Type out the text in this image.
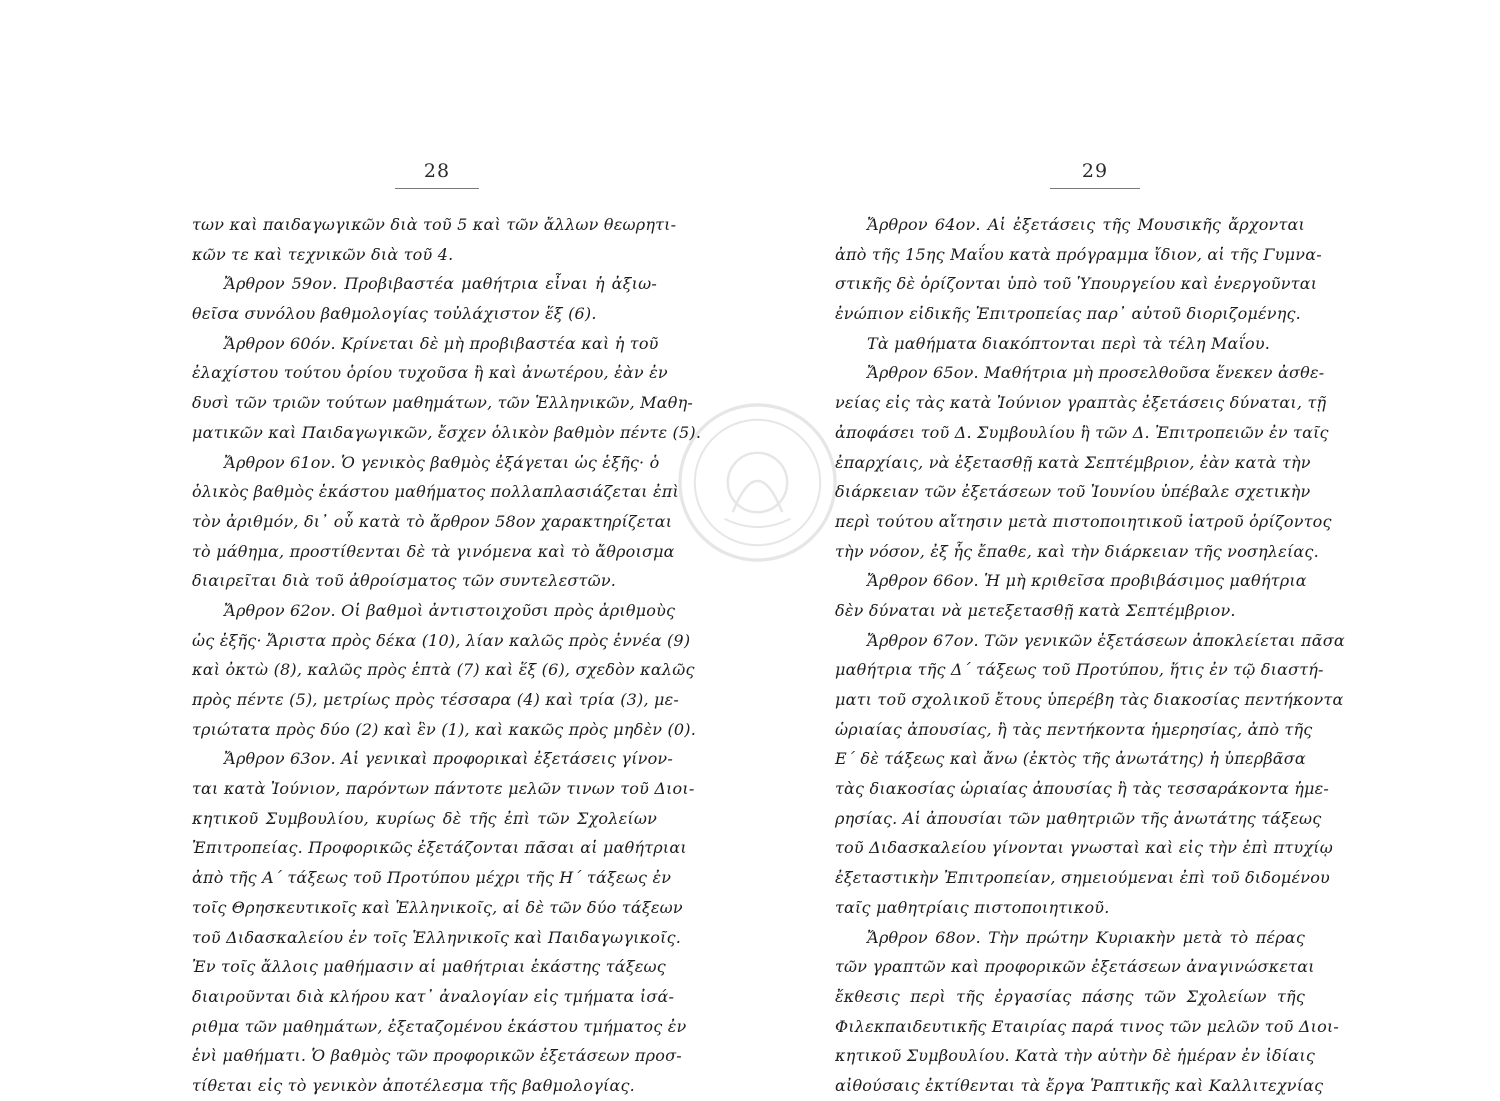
28	29
των καὶ παιδαγωγικῶν διὰ τοῦ 5 καὶ τῶν ἄλλων θεωρητι-
κῶν τε καὶ τεχνικῶν διὰ τοῦ 4.
Ἄρθρον 59ον. Προβιβαστέα μαθήτρια εἶναι ἡ ἀξιω-
θεῖσα συνόλου βαθμολογίας τοὐλάχιστον ἕξ (6).
Ἄρθρον 60όν. Κρίνεται δὲ μὴ προβιβαστέα καὶ ἡ τοῦ
ἐλαχίστου τούτου ὁρίου τυχοῦσα ἢ καὶ ἀνωτέρου, ἐὰν ἐν
δυσὶ τῶν τριῶν τούτων μαθημάτων, τῶν Ἑλληνικῶν, Μαθη-
ματικῶν καὶ Παιδαγωγικῶν, ἔσχεν ὁλικὸν βαθμὸν πέντε (5).
Ἄρθρον 61ον. Ὁ γενικὸς βαθμὸς ἐξάγεται ὡς ἑξῆς· ὁ
ὁλικὸς βαθμὸς ἑκάστου μαθήματος πολλαπλασιάζεται ἐπὶ
τὸν ἀριθμόν, δι᾽ οὗ κατὰ τὸ ἄρθρον 58ον χαρακτηρίζεται
τὸ μάθημα, προστίθενται δὲ τὰ γινόμενα καὶ τὸ ἄθροισμα
διαιρεῖται διὰ τοῦ ἀθροίσματος τῶν συντελεστῶν.
Ἄρθρον 62ον. Οἱ βαθμοὶ ἀντιστοιχοῦσι πρὸς ἀριθμοὺς
ὡς ἑξῆς· Ἄριστα πρὸς δέκα (10), λίαν καλῶς πρὸς ἐννέα (9)
καὶ ὀκτὼ (8), καλῶς πρὸς ἑπτὰ (7) καὶ ἕξ (6), σχεδὸν καλῶς
πρὸς πέντε (5), μετρίως πρὸς τέσσαρα (4) καὶ τρία (3), με-
τριώτατα πρὸς δύο (2) καὶ ἓν (1), καὶ κακῶς πρὸς μηδὲν (0).
Ἄρθρον 63ον. Αἱ γενικαὶ προφορικαὶ ἐξετάσεις γίνον-
ται κατὰ Ἰούνιον, παρόντων πάντοτε μελῶν τινων τοῦ Διοι-
κητικοῦ Συμβουλίου, κυρίως δὲ τῆς ἐπὶ τῶν Σχολείων
Ἐπιτροπείας. Προφορικῶς ἐξετάζονται πᾶσαι αἱ μαθήτριαι
ἀπὸ τῆς Α΄ τάξεως τοῦ Προτύπου μέχρι τῆς Η΄ τάξεως ἐν
τοῖς Θρησκευτικοῖς καὶ Ἑλληνικοῖς, αἱ δὲ τῶν δύο τάξεων
τοῦ Διδασκαλείου ἐν τοῖς Ἑλληνικοῖς καὶ Παιδαγωγικοῖς.
Ἐν τοῖς ἄλλοις μαθήμασιν αἱ μαθήτριαι ἑκάστης τάξεως
διαιροῦνται διὰ κλήρου κατ᾽ ἀναλογίαν εἰς τμήματα ἰσά-
ριθμα τῶν μαθημάτων, ἐξεταζομένου ἑκάστου τμήματος ἐν
ἑνὶ μαθήματι. Ὁ βαθμὸς τῶν προφορικῶν ἐξετάσεων προσ-
τίθεται εἰς τὸ γενικὸν ἀποτέλεσμα τῆς βαθμολογίας.
Ἄρθρον 64ον. Αἱ ἐξετάσεις τῆς Μουσικῆς ἄρχονται
ἀπὸ τῆς 15ης Μαΐου κατὰ πρόγραμμα ἴδιον, αἱ τῆς Γυμνα-
στικῆς δὲ ὁρίζονται ὑπὸ τοῦ Ὑπουργείου καὶ ἐνεργοῦνται
ἐνώπιον εἰδικῆς Ἐπιτροπείας παρ᾽ αὐτοῦ διοριζομένης.
Τὰ μαθήματα διακόπτονται περὶ τὰ τέλη Μαΐου.
Ἄρθρον 65ον. Μαθήτρια μὴ προσελθοῦσα ἕνεκεν ἀσθε-
νείας εἰς τὰς κατὰ Ἰούνιον γραπτὰς ἐξετάσεις δύναται, τῇ
ἀποφάσει τοῦ Δ. Συμβουλίου ἢ τῶν Δ. Ἐπιτροπειῶν ἐν ταῖς
ἐπαρχίαις, νὰ ἐξετασθῇ κατὰ Σεπτέμβριον, ἐὰν κατὰ τὴν
διάρκειαν τῶν ἐξετάσεων τοῦ Ἰουνίου ὑπέβαλε σχετικὴν
περὶ τούτου αἴτησιν μετὰ πιστοποιητικοῦ ἰατροῦ ὁρίζοντος
τὴν νόσον, ἐξ ἧς ἔπαθε, καὶ τὴν διάρκειαν τῆς νοσηλείας.
Ἄρθρον 66ον. Ἡ μὴ κριθεῖσα προβιβάσιμος μαθήτρια
δὲν δύναται νὰ μετεξετασθῇ κατὰ Σεπτέμβριον.
Ἄρθρον 67ον. Τῶν γενικῶν ἐξετάσεων ἀποκλείεται πᾶσα
μαθήτρια τῆς Δ΄ τάξεως τοῦ Προτύπου, ἥτις ἐν τῷ διαστή-
ματι τοῦ σχολικοῦ ἔτους ὑπερέβη τὰς διακοσίας πεντήκοντα
ὡριαίας ἀπουσίας, ἢ τὰς πεντήκοντα ἡμερησίας, ἀπὸ τῆς
Ε΄ δὲ τάξεως καὶ ἄνω (ἐκτὸς τῆς ἀνωτάτης) ἡ ὑπερβᾶσα
τὰς διακοσίας ὡριαίας ἀπουσίας ἢ τὰς τεσσαράκοντα ἡμε-
ρησίας. Αἱ ἀπουσίαι τῶν μαθητριῶν τῆς ἀνωτάτης τάξεως
τοῦ Διδασκαλείου γίνονται γνωσταὶ καὶ εἰς τὴν ἐπὶ πτυχίῳ
ἐξεταστικὴν Ἐπιτροπείαν, σημειούμεναι ἐπὶ τοῦ διδομένου
ταῖς μαθητρίαις πιστοποιητικοῦ.
Ἄρθρον 68ον. Τὴν πρώτην Κυριακὴν μετὰ τὸ πέρας
τῶν γραπτῶν καὶ προφορικῶν ἐξετάσεων ἀναγινώσκεται
ἔκθεσις περὶ τῆς ἐργασίας πάσης τῶν Σχολείων τῆς
Φιλεκπαιδευτικῆς Εταιρίας παρά τινος τῶν μελῶν τοῦ Διοι-
κητικοῦ Συμβουλίου. Κατὰ τὴν αὐτὴν δὲ ἡμέραν ἐν ἰδίαις
αἰθούσαις ἐκτίθενται τὰ ἔργα Ῥαπτικῆς καὶ Καλλιτεχνίας
